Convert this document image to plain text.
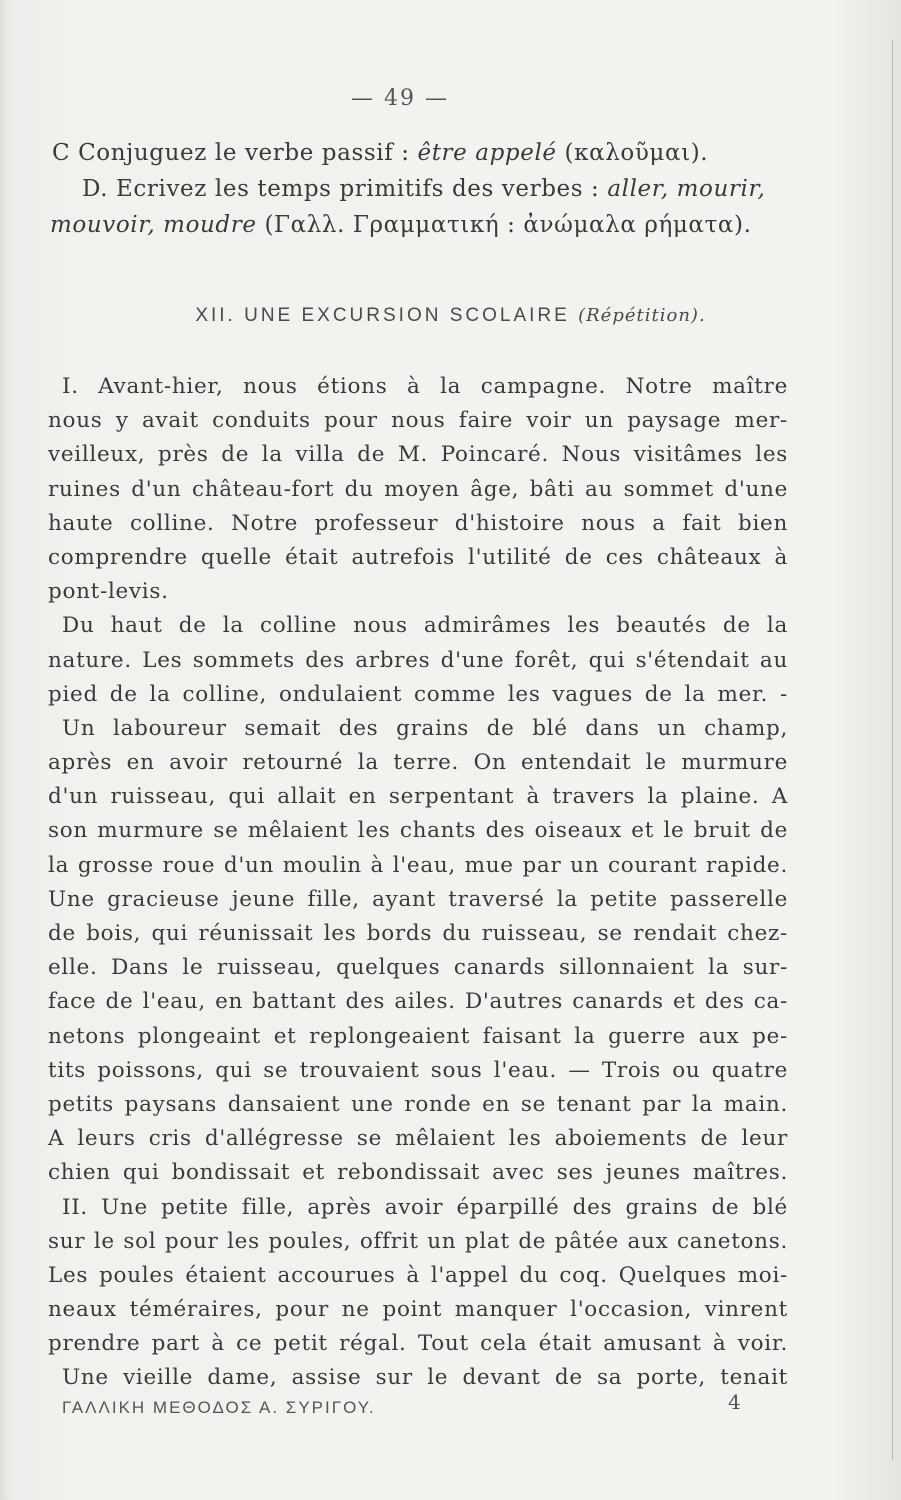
— 49 —
C Conjuguez le verbe passif : être appelé (καλοῦμαι).
D. Ecrivez les temps primitifs des verbes : aller, mourir,
mouvoir, moudre (Γαλλ. Γραμματική : ἀνώμαλα ρήματα).
XII. UNE EXCURSION SCOLAIRE (Répétition).
I. Avant-hier, nous étions à la campagne. Notre maître
nous y avait conduits pour nous faire voir un paysage mer-
veilleux, près de la villa de M. Poincaré. Nous visitâmes les
ruines d'un château-fort du moyen âge, bâti au sommet d'une
haute colline. Notre professeur d'histoire nous a fait bien
comprendre quelle était autrefois l'utilité de ces châteaux à
pont-levis.
Du haut de la colline nous admirâmes les beautés de la
nature. Les sommets des arbres d'une forêt, qui s'étendait au
pied de la colline, ondulaient comme les vagues de la mer. -
Un laboureur semait des grains de blé dans un champ,
après en avoir retourné la terre. On entendait le murmure
d'un ruisseau, qui allait en serpentant à travers la plaine. A
son murmure se mêlaient les chants des oiseaux et le bruit de
la grosse roue d'un moulin à l'eau, mue par un courant rapide.
Une gracieuse jeune fille, ayant traversé la petite passerelle
de bois, qui réunissait les bords du ruisseau, se rendait chez-
elle. Dans le ruisseau, quelques canards sillonnaient la sur-
face de l'eau, en battant des ailes. D'autres canards et des ca-
netons plongeaint et replongeaient faisant la guerre aux pe-
tits poissons, qui se trouvaient sous l'eau. — Trois ou quatre
petits paysans dansaient une ronde en se tenant par la main.
A leurs cris d'allégresse se mêlaient les aboiements de leur
chien qui bondissait et rebondissait avec ses jeunes maîtres.
II. Une petite fille, après avoir éparpillé des grains de blé
sur le sol pour les poules, offrit un plat de pâtée aux canetons.
Les poules étaient accourues à l'appel du coq. Quelques moi-
neaux téméraires, pour ne point manquer l'occasion, vinrent
prendre part à ce petit régal. Tout cela était amusant à voir.
Une vieille dame, assise sur le devant de sa porte, tenait
ΓΑΛΛΙΚΗ ΜΕΘΟΔΟΣ Α. ΣΥΡΙΓΟΥ.	4
